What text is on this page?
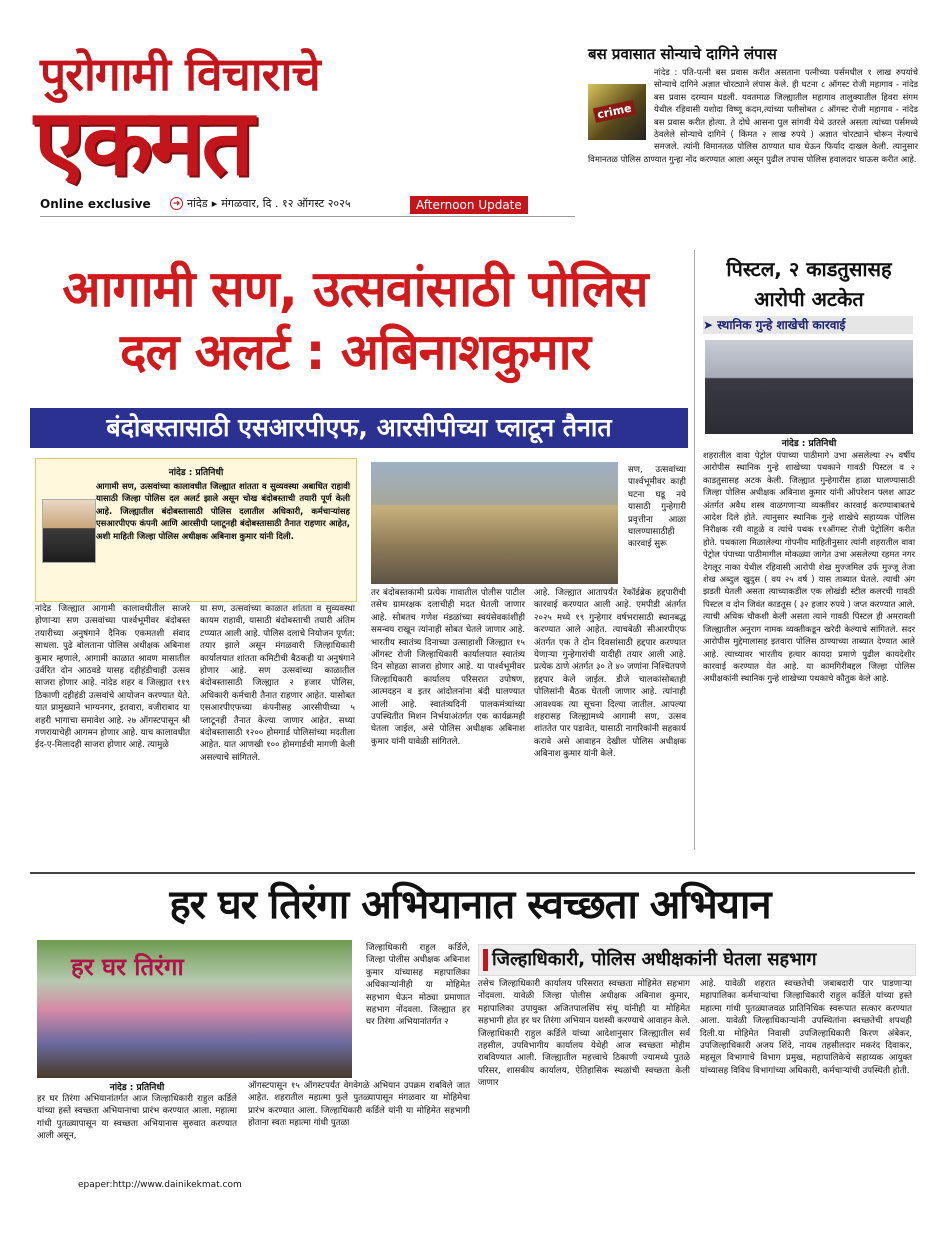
पुरोगामी विचाराचे
एकमत
Online exclusive	➜ नांदेड ▸ मंगळवार, दि . १२ ऑगस्ट २०२५	Afternoon Update
बस प्रवासात सोन्याचे दागिने लंपास

नांदेड : पति-पत्नी बस प्रवास करीत असताना पत्नीच्या पर्समधील १ लाख रुपयांचे सोन्याचे दागिने अज्ञात चोरट्याने लंपास केले. ही घटना ८ ऑगस्ट रोजी महागाव - नांदेड बस प्रवास दरम्यान घडली. यवतमाळ जिल्ह्यातील महागाव तालुक्यातील हिवरा संगम येथील रहिवासी यशोदा विष्णू कदम,त्यांच्या पतीसोबत ८ ऑगस्ट रोजी महागाव - नांदेड बस प्रवास करीत होत्या. ते दोघे आसना पुल सांगवी येथे उतरले असता त्यांच्या पर्समध्ये ठेवलेले सोन्याचे दागिने ( किंमत २ लाख रुपये ) अज्ञात चोरट्याने चोरून नेल्याचे समजले. त्यांनी विमानतळ पोलिस ठाण्यात धाव घेऊन फिर्याद दाखल केली. त्यानुसार विमानतळ पोलिस ठाण्यात गुन्हा नोंद करण्यात आला असून पुढील तपास पोलिस हवालदार चाऊस करीत आहे.

crime
आगामी सण, उत्सवांसाठी पोलिस
दल अलर्ट : अबिनाशकुमार
बंदोबस्तासाठी एसआरपीएफ, आरसीपीच्या प्लाटून तैनात
नांदेड : प्रतिनिधी

आगामी सण, उत्सवांच्या कालावधीत जिल्ह्यात शांतता व सुव्यवस्था अबाधित राहावी यासाठी जिल्हा पोलिस दल अलर्ट झाले असून चोख बंदोबस्ताची तयारी पूर्ण केली आहे. जिल्ह्यातील बंदोबस्तासाठी पोलिस दलातील अधिकारी, कर्मचाऱ्यांसह एसआरपीएफ कंपनी आणि आरसीपी प्लाटूनही बंदोबस्तासाठी तैनात राहणार आहेत, अशी माहिती जिल्हा पोलिस अधीक्षक अबिनाश कुमार यांनी दिली.

नांदेड जिल्ह्यात आगामी कालावधीतील साजरे होणाऱ्या सण उत्सवांच्या पार्श्वभूमीवर बंदोबस्त तयारीच्या अनुषंगाने दैनिक एकमतशी संवाद साधला. पुढे बोलताना पोलिस अधीक्षक अबिनाश कुमार म्हणाले, आगामी काळात श्रावण मासातील उर्वरित दोन आठवडे यासह दहीहंडीचाही उत्सव साजरा होणार आहे. नांदेड शहर व जिल्ह्यात ११९ ठिकाणी दहीहंडी उत्सवांचे आयोजन करण्यात येते. यात प्रामुख्याने भाग्यनगर, इतवारा, वजीराबाद या शहरी भागाचा समावेश आहे. २७ ऑगस्टपासून श्री गणरायाचेही आगमन होणार आहे. याच कालावधीत ईद-ए-मिलादही साजरा होणार आहे. त्यामुळे

या सण, उत्सवांच्या काळात शांतता व सुव्यवस्था कायम राहावी, यासाठी बंदोबस्ताची तयारी अंतिम टप्प्यात आली आहे. पोलिस दलाचे नियोजन पूर्णत: तयार झाले असून मंगळवारी जिल्हाधिकारी कार्यालयात शांतता कमिटीची बैठकही या अनुषंगाने होणार आहे. सण उत्सवांच्या काळातील बंदोबस्तासाठी जिल्ह्यात २ हजार पोलिस, अधिकारी कर्मचारी तैनात राहणार आहेत. यासोबत एसआरपीएफच्या कंपनीसह आरसीपीच्या ५ प्लाटूनही तैनात केल्या जाणार आहेत. सध्या बंदोबस्तासाठी १२०० होमगार्ड पोलिसांच्या मदतीला आहेत. यात आणखी १०० होमगार्डची मागणी केली असल्याचे सांगितले.

तर बंदोबस्तकामी प्रत्येक गावातील पोलीस पाटील तसेच ग्रामरक्षक दलाचीही मदत घेतली जाणार आहे. सोबतच गणेश मंडळांच्या स्वयंसेवकांशीही समन्वय राखून त्यांनाही सोबत घेतले जाणार आहे. भारतीय स्वातंत्र्य दिनाच्या उत्साहाशी जिल्ह्यात १५ ऑगस्ट रोजी जिल्हाधिकारी कार्यालयात स्वातंत्र्य दिन सोहळा साजरा होणार आहे. या पार्श्वभूमीवर जिल्हाधिकारी कार्यालय परिसरात उपोषण, आत्मदहन व इतर आंदोलनांना बंदी घालण्यात आली आहे. स्वातंत्र्यदिनी पालकमंत्र्यांच्या उपस्थितीत मिशन निर्भयाअंतर्गत एक कार्यक्रमही घेतला जाईल, असे पोलिस अधीक्षक अबिनाश कुमार यांनी यावेळी सांगितले.

सण, उत्सवांच्या पार्श्वभूमीवर काही घटना घडू नये यासाठी गुन्हेगारी प्रवृत्तीना आळा घालण्यासाठीही कारवाई सुरू

आहे. जिल्ह्यात आतापर्यंत रेकॉर्डब्रेक हद्दपारीची कारवाई करण्यात आली आहे. एमपीडी अंतर्गत २०२५ मध्ये १९ गुन्हेगार वर्षभरासाठी स्थानबद्ध करण्यात आले आहेत. त्याचबेळी सीआरपीएफ अंतर्गत एक ते दोन दिवसांसाठी हद्दपार करण्यात येणाऱ्या गुन्हेगारांची यादीही तयार आली आहे. प्रत्येक ठाणे अंतर्गत ३० ते ४० जणांना निश्चितपणे हद्दपार केले जाईल. डीजे चालकांसोबतही पोलिसांनी बैठक घेतली जाणार आहे. त्यांनाही आवश्यक त्या सूचना दिल्या जातील. आपल्या शहरासह जिल्ह्यामध्ये आगामी सण, उत्सव शांततेत पार पडावेत, यासाठी नागरिकांनी सहकार्य करावे असे आवाहन देखील पोलिस अधीक्षक अबिनाश कुमार यांनी केले.

पिस्टल, २ काडतुसासह आरोपी अटकेत
➤ स्थानिक गुन्हे शाखेची कारवाई
नांदेड : प्रतिनिधी

शहरातील वावा पेट्रोल पंपाच्या पाठीमागे उभा असलेल्या २५ वर्षीय आरोपीस स्थानिक गुन्हे शाखेच्या पथकाने गावठी पिस्टल व २ काडतुसासह अटक केली. जिल्ह्यात गुन्हेगारीस हाळा घालण्यासाठी जिल्हा पोलिस अधीक्षक अबिनाश कुमार यांनी ऑपरेशन फ्लश आउट अंतर्गत अवैध शस्त्र वाळगणाऱ्या व्यक्तींवर कारवाई करण्याबाबतचे आदेश दिले होते. त्यानुसार स्थानिक गुन्हे शाखेचे सहाय्यक पोलिस निरीक्षक रवी वाहूळे व त्यांचे पथक ११ऑगस्ट रोजी पेट्रोलिंग करीत होते. पथकाला मिळालेल्या गोपनीय माहितीनुसार त्यांनी शहरातील वावा पेट्रोल पंपाच्या पाठीमागील मोकळ्या जागेत उभा असलेल्या रहमत नगर देगलूर नाका येथील रहिवासी आरोपी शेख मुज्जमिल उर्फ मुज्जू तेजा शेख अब्दुल खुदुस ( वय २५ वर्ष ) यास ताब्यात घेतले. त्याची अंग झडती घेतली असता त्याच्याकडील एक लोखंडी स्टील कलरची गावठी पिस्टल व दोन जिवंत काडतूस ( ३२ हजार रुपये ) जप्त करण्यात आले. त्याची अधिक चौकशी केली असता त्याने गावठी पिस्टल ही अमरावती जिल्ह्यातील अनुराग नामक व्यक्तीकडून खरेदी केल्याचे सांगितले. सदर आरोपीस मुद्देमालासह इतवारा पोलिस ठाण्याच्या ताब्यात देण्यात आले आहे. त्याच्यावर भारतीय हत्यार कायदा प्रमाणे पुढील कायदेशीर कारवाई करण्यात येत आहे. या कामगिरीबद्दल जिल्हा पोलिस अधीक्षकांनी स्थानिक गुन्हे शाखेच्या पथकाचे कौतुक केले आहे.

हर घर तिरंगा अभियानात स्वच्छता अभियान
हर घर तिरंगा	जिल्हाधिकारी, पोलिस अधीक्षकांनी घेतला सहभाग

जिल्हाधिकारी राहुल कर्डिले, जिल्हा पोलीस अधीक्षक अबिनाश कुमार यांच्यासह महापालिका अधिकाऱ्यांनीही या मोहिमेत सहभाग घेऊन मोठ्या प्रमाणात सहभाग नोंदवला. जिल्ह्यात हर घर तिरंगा अभियानांतर्गत २

नांदेड : प्रतिनिधी

हर घर तिरंगा अभियानांतर्गत आज जिल्हाधिकारी राहुल कर्डिले यांच्या हस्ते स्वच्छता अभियानाचा प्रारंभ करण्यात आला. महात्मा गांधी पुतळ्यापासून या स्वच्छता अभियानास सुरुवात करण्यात आली असून,

ऑगस्टपासून १५ ऑगस्टपर्यंत वेगवेगळे अभियान उपक्रम राबविले जात आहेत. शहरातील महात्मा फुले पुतळ्यापासून मंगळवार या मोहिमेचा प्रारंभ करण्यात आला. जिल्हाधिकारी कर्डिले यांनी या मोहिमेत सहभागी होताना स्वतः महात्मा गांधी पुतळा

तसेच जिल्हाधिकारी कार्यालय परिसरात स्वच्छता मोहिमेत सहभाग नोंदवला. यावेळी जिल्हा पोलीस अधीक्षक अबिनाश कुमार, महापालिका उपायुक्त अजितपालसिंघ संधू यांनीही या मोहिमेत सहभागी होत हर घर तिरंगा अभियान यशस्वी करण्याचे आवाहन केले. जिल्हाधिकारी राहुल कर्डिले यांच्या आदेशानुसार जिल्ह्यातील सर्व तहसील, उपविभागीय कार्यालय येथेही आज स्वच्छता मोहीम राबविण्यात आली. जिल्ह्यातील महत्त्वाचे ठिकाणी ज्यामध्ये पुतळे परिसर, शासकीय कार्यालय, ऐतिहासिक स्थळांची स्वच्छता केली जाणार

आहे. यावेळी शहरात स्वच्छतेची जबाबदारी पार पाडणाऱ्या महापालिका कर्मचाऱ्यांचा जिल्हाधिकारी राहुल कर्डिले यांच्या हस्ते महात्मा गांधी पुतळ्याजवळ प्रातिनिधिक स्वरूपात सत्कार करण्यात आला. यावेळी जिल्हाधिकाऱ्यांनी उपस्थितांना स्वच्छतेची शपथही दिली.या मोहिमेत निवासी उपजिल्हाधिकारी किरण अंबेकर, उपजिल्हाधिकारी अजय शिंदे, नायब तहसीलदार मकरंद दिवाकर, महसूल विभागाचे विभाग प्रमुख, महापालिकेचे सहाय्यक आयुक्त यांच्यासह विविध विभागांच्या अधिकारी, कर्मचाऱ्यांची उपस्थिती होती.

epaper:http://www.dainikekmat.com
